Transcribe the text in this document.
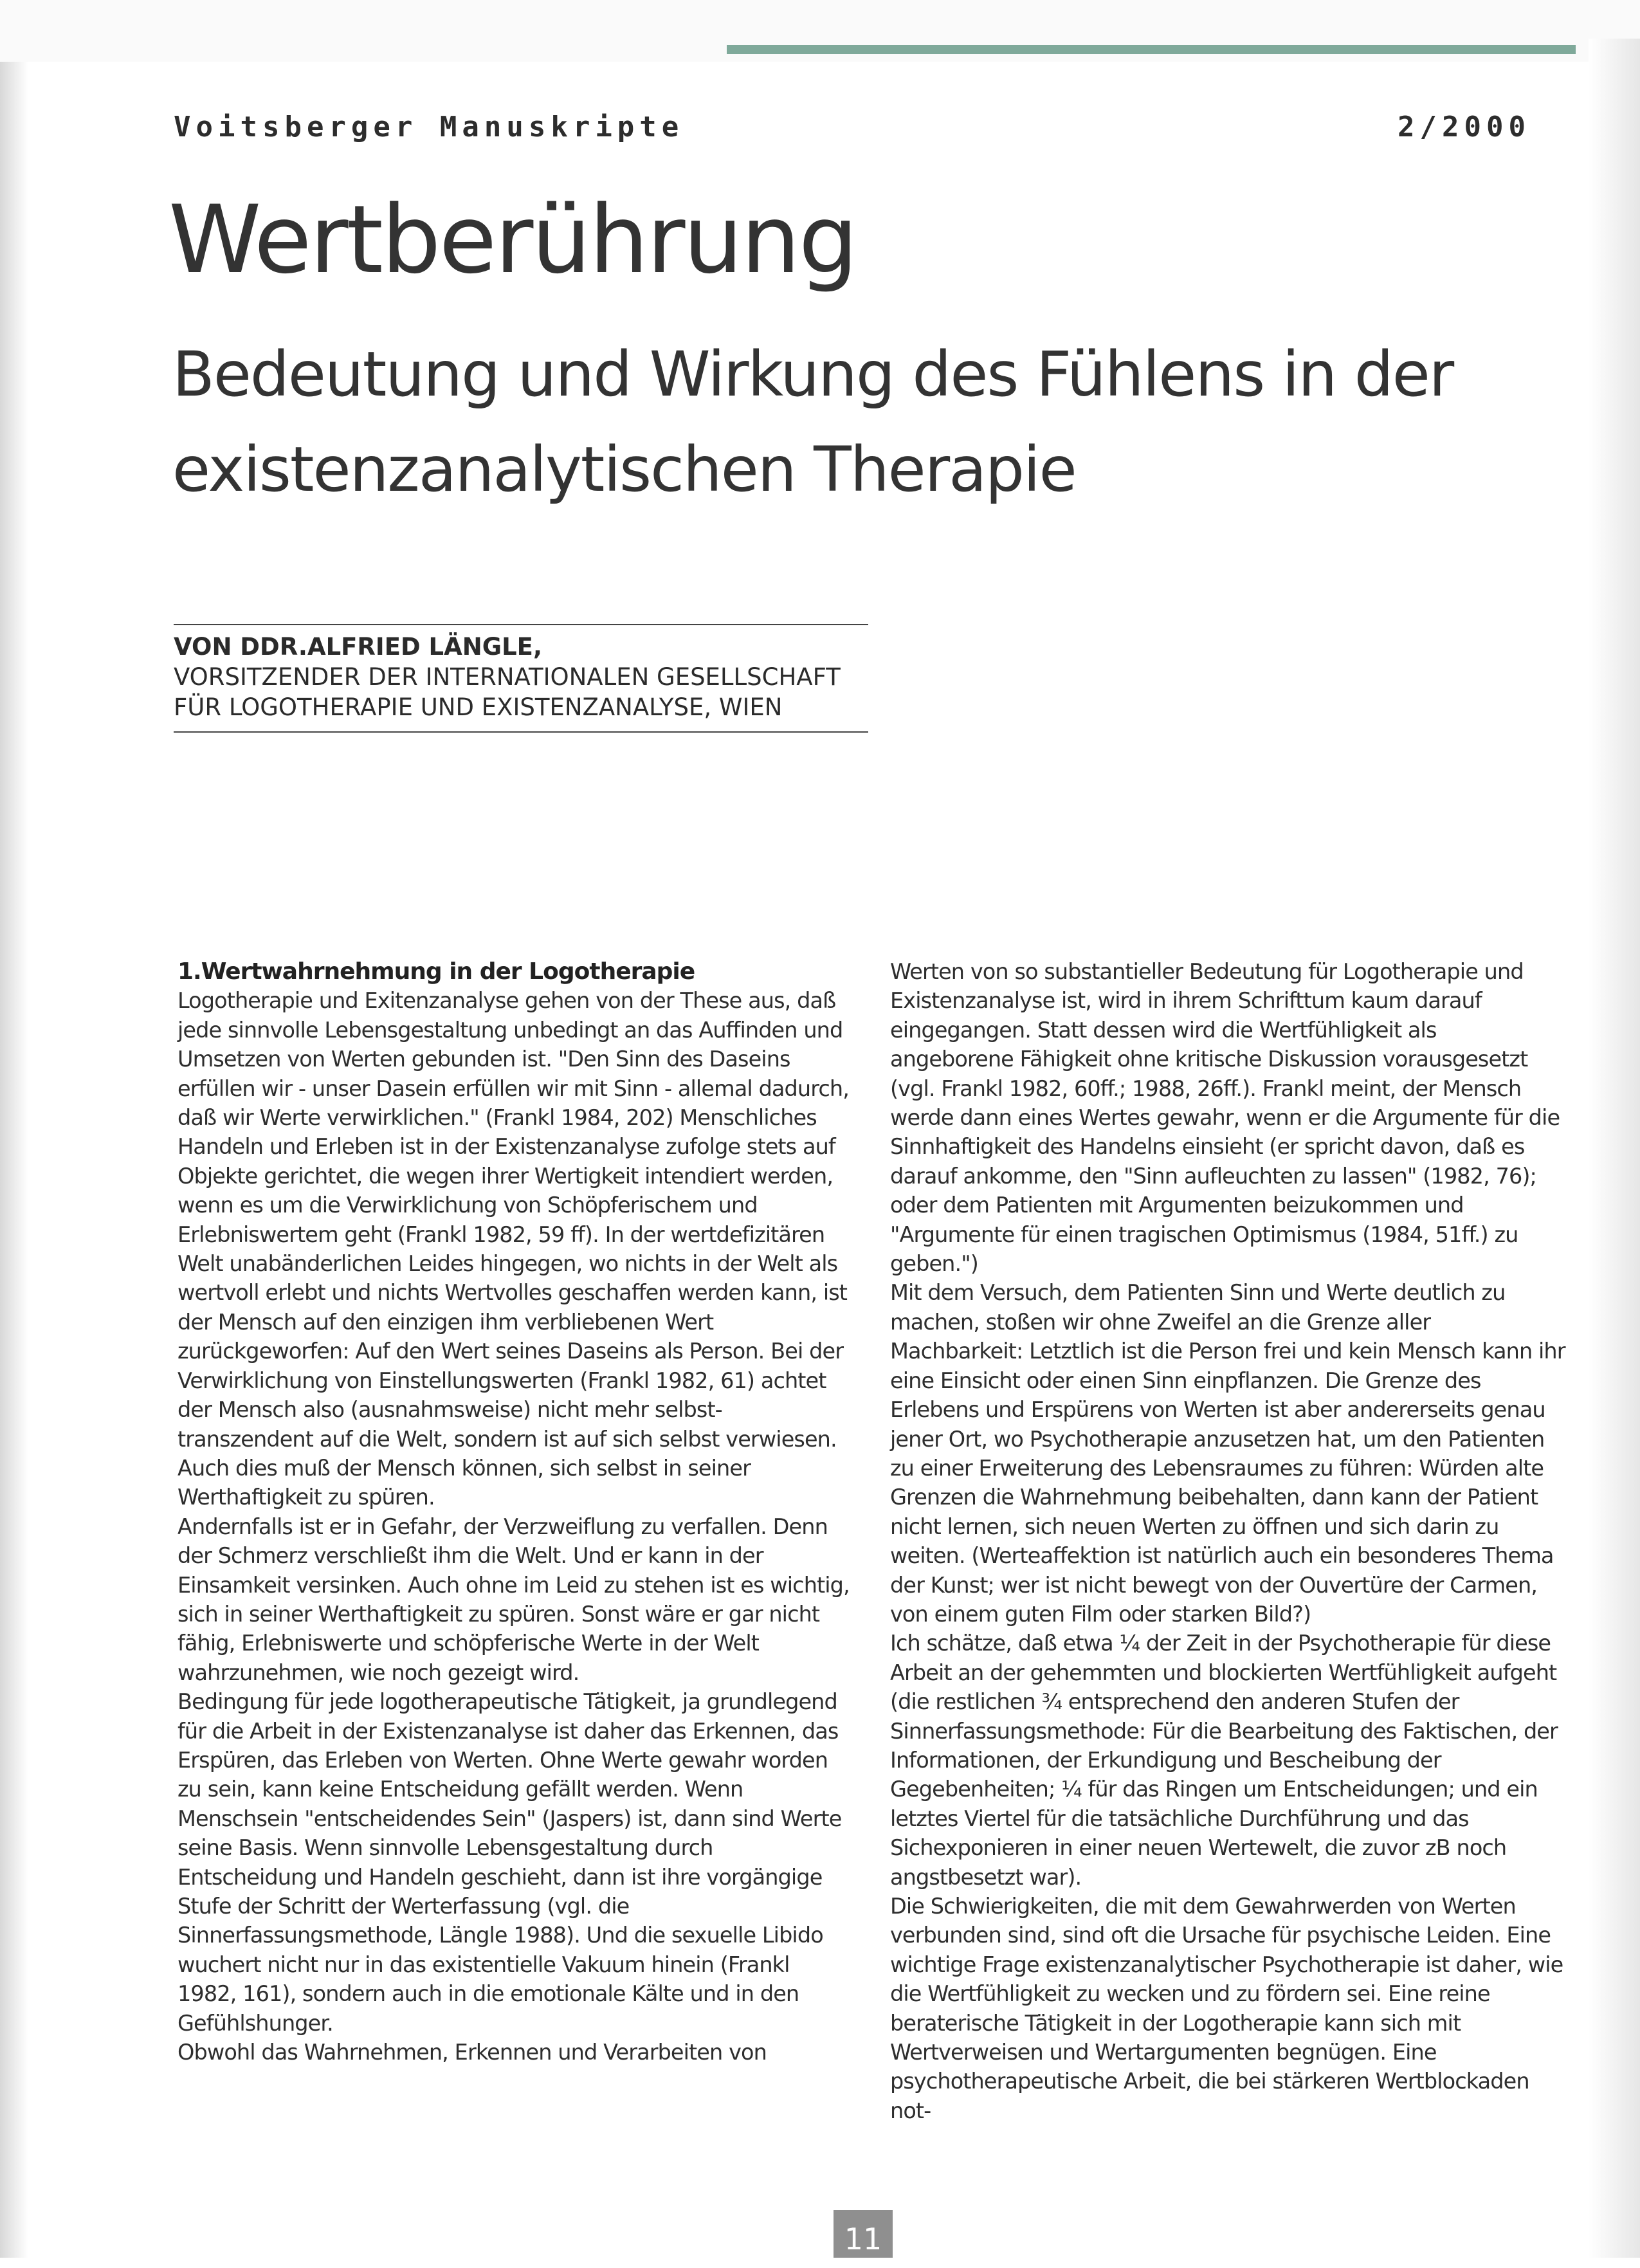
Voitsberger Manuskripte	2/2000
Wertberührung
Bedeutung und Wirkung des Fühlens in der existenzanalytischen Therapie
VON DDR.ALFRIED LÄNGLE,
VORSITZENDER DER INTERNATIONALEN GESELLSCHAFT
FÜR LOGOTHERAPIE UND EXISTENZANALYSE, WIEN
1.Wertwahrnehmung in der Logotherapie

Logotherapie und Exitenzanalyse gehen von der These aus, daß jede sinnvolle Lebensgestaltung unbedingt an das Auffinden und Umsetzen von Werten gebunden ist. "Den Sinn des Daseins erfüllen wir - unser Dasein erfüllen wir mit Sinn - allemal dadurch, daß wir Werte verwirklichen." (Frankl 1984, 202) Menschliches Handeln und Erleben ist in der Existenzanalyse zufolge stets auf Objekte gerichtet, die wegen ihrer Wertigkeit intendiert werden, wenn es um die Verwirklichung von Schöpferischem und Erlebniswertem geht (Frankl 1982, 59 ff). In der wertdefizitären Welt unabänderlichen Leides hingegen, wo nichts in der Welt als wertvoll erlebt und nichts Wertvolles geschaffen werden kann, ist der Mensch auf den einzigen ihm verbliebenen Wert zurückgeworfen: Auf den Wert seines Daseins als Person. Bei der Verwirklichung von Einstellungswerten (Frankl 1982, 61) achtet der Mensch also (ausnahmsweise) nicht mehr selbst-transzendent auf die Welt, sondern ist auf sich selbst verwiesen. Auch dies muß der Mensch können, sich selbst in seiner Werthaftigkeit zu spüren.

Andernfalls ist er in Gefahr, der Verzweiflung zu verfallen. Denn der Schmerz verschließt ihm die Welt. Und er kann in der Einsamkeit versinken. Auch ohne im Leid zu stehen ist es wichtig, sich in seiner Werthaftigkeit zu spüren. Sonst wäre er gar nicht fähig, Erlebniswerte und schöpferische Werte in der Welt wahrzunehmen, wie noch gezeigt wird.

Bedingung für jede logotherapeutische Tätigkeit, ja grundlegend für die Arbeit in der Existenzanalyse ist daher das Erkennen, das Erspüren, das Erleben von Werten. Ohne Werte gewahr worden zu sein, kann keine Entscheidung gefällt werden. Wenn Menschsein "entscheidendes Sein" (Jaspers) ist, dann sind Werte seine Basis. Wenn sinnvolle Lebensgestaltung durch Entscheidung und Handeln geschieht, dann ist ihre vorgängige Stufe der Schritt der Werterfassung (vgl. die Sinnerfassungsmethode, Längle 1988). Und die sexuelle Libido wuchert nicht nur in das existentielle Vakuum hinein (Frankl 1982, 161), sondern auch in die emotionale Kälte und in den Gefühlshunger.

Obwohl das Wahrnehmen, Erkennen und Verarbeiten von

Werten von so substantieller Bedeutung für Logotherapie und Existenzanalyse ist, wird in ihrem Schrifttum kaum darauf eingegangen. Statt dessen wird die Wertfühligkeit als angeborene Fähigkeit ohne kritische Diskussion vorausgesetzt (vgl. Frankl 1982, 60ff.; 1988, 26ff.). Frankl meint, der Mensch werde dann eines Wertes gewahr, wenn er die Argumente für die Sinnhaftigkeit des Handelns einsieht (er spricht davon, daß es darauf ankomme, den "Sinn aufleuchten zu lassen" (1982, 76); oder dem Patienten mit Argumenten beizukommen und "Argumente für einen tragischen Optimismus (1984, 51ff.) zu geben.")

Mit dem Versuch, dem Patienten Sinn und Werte deutlich zu machen, stoßen wir ohne Zweifel an die Grenze aller Machbarkeit: Letztlich ist die Person frei und kein Mensch kann ihr eine Einsicht oder einen Sinn einpflanzen. Die Grenze des Erlebens und Erspürens von Werten ist aber andererseits genau jener Ort, wo Psychotherapie anzusetzen hat, um den Patienten zu einer Erweiterung des Lebensraumes zu führen: Würden alte Grenzen die Wahrnehmung beibehalten, dann kann der Patient nicht lernen, sich neuen Werten zu öffnen und sich darin zu weiten. (Werteaffektion ist natürlich auch ein besonderes Thema der Kunst; wer ist nicht bewegt von der Ouvertüre der Carmen, von einem guten Film oder starken Bild?)

Ich schätze, daß etwa ¼ der Zeit in der Psychotherapie für diese Arbeit an der gehemmten und blockierten Wertfühligkeit aufgeht (die restlichen ¾ entsprechend den anderen Stufen der Sinnerfassungsmethode: Für die Bearbeitung des Faktischen, der Informationen, der Erkundigung und Bescheibung der Gegebenheiten; ¼ für das Ringen um Entscheidungen; und ein letztes Viertel für die tatsächliche Durchführung und das Sichexponieren in einer neuen Wertewelt, die zuvor zB noch angstbesetzt war).

Die Schwierigkeiten, die mit dem Gewahrwerden von Werten verbunden sind, sind oft die Ursache für psychische Leiden. Eine wichtige Frage existenzanalytischer Psychotherapie ist daher, wie die Wertfühligkeit zu wecken und zu fördern sei. Eine reine beraterische Tätigkeit in der Logotherapie kann sich mit Wertverweisen und Wertargumenten begnügen. Eine psychotherapeutische Arbeit, die bei stärkeren Wertblockaden not-

11
